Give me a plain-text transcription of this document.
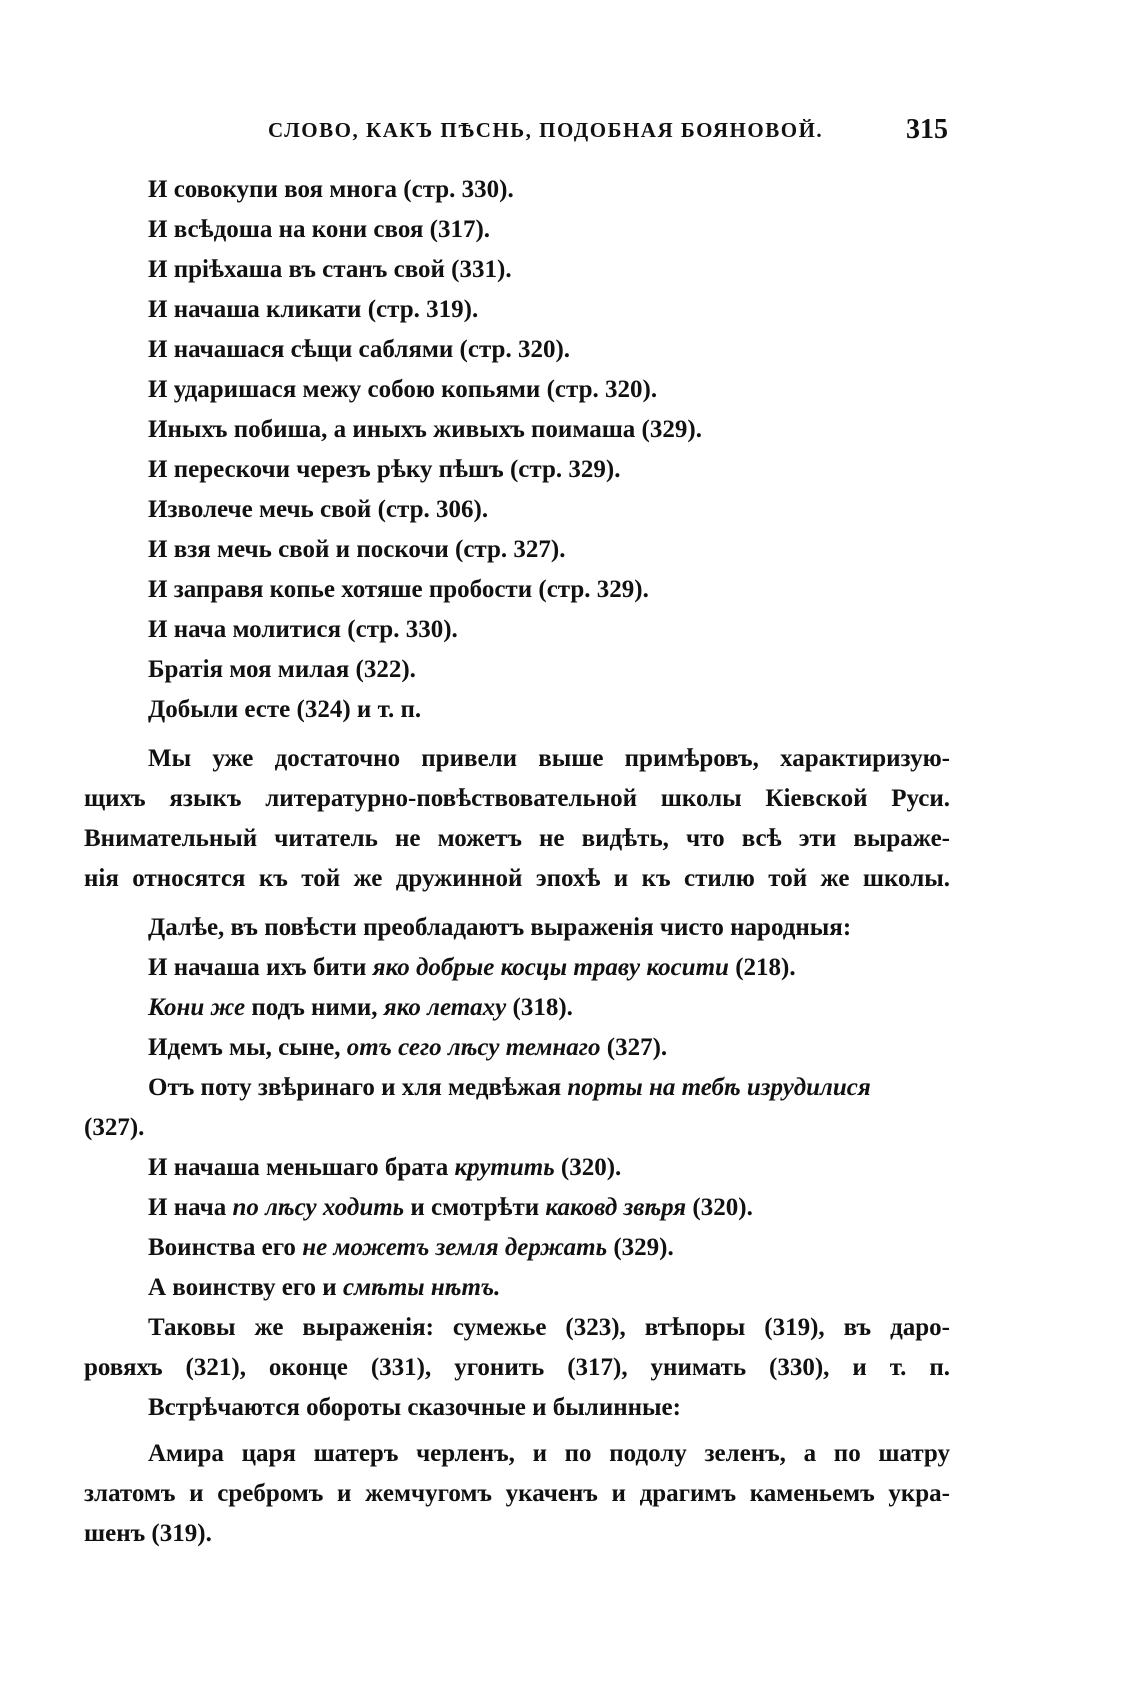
СЛОВО, КАКЪ ПѢСНЬ, ПОДОБНАЯ БОЯНОВОЙ.	315

И совокупи воя многа (стр. 330).

И всѣдоша на кони своя (317).

И пріѣхаша въ станъ свой (331).

И начаша кликати (стр. 319).

И начашася сѣщи саблями (стр. 320).

И ударишася межу собою копьями (стр. 320).

Иныхъ побиша, а иныхъ живыхъ поимаша (329).

И перескочи черезъ рѣку пѣшъ (стр. 329).

Изволече мечь свой (стр. 306).

И взя мечь свой и поскочи (стр. 327).

И заправя копье хотяше пробости (стр. 329).

И нача молитися (стр. 330).

Братія моя милая (322).

Добыли есте (324) и т. п.

Мы уже достаточно привели выше примѣровъ, характиризую-

щихъ языкъ литературно-повѣствовательной школы Кіевской Руси.

Внимательный читатель не можетъ не видѣть, что всѣ эти выраже-

нія относятся къ той же дружинной эпохѣ и къ стилю той же школы.

Далѣе, въ повѣсти преобладаютъ выраженія чисто народныя:

И начаша ихъ бити яко добрые косцы траву косити (218).

Кони же подъ ними, яко летаху (318).

Идемъ мы, сыне, отъ сего лѣсу темнаго (327).

Отъ поту звѣринаго и хля медвѣжая порты на тебѣ изрудилися

(327).

И начаша меньшаго брата крутить (320).

И нача по лѣсу ходить и смотрѣти каковд звѣря (320).

Воинства его не можетъ земля держать (329).

А воинству его и смѣты нѣтъ.

Таковы же выраженія: сумежье (323), втѣпоры (319), въ даро-

ровяхъ (321), оконце (331), угонить (317), унимать (330), и т. п.

Встрѣчаются обороты сказочные и былинные:

Амира царя шатеръ черленъ, и по подолу зеленъ, а по шатру

златомъ и сребромъ и жемчугомъ укаченъ и драгимъ каменьемъ укра-

шенъ (319).
